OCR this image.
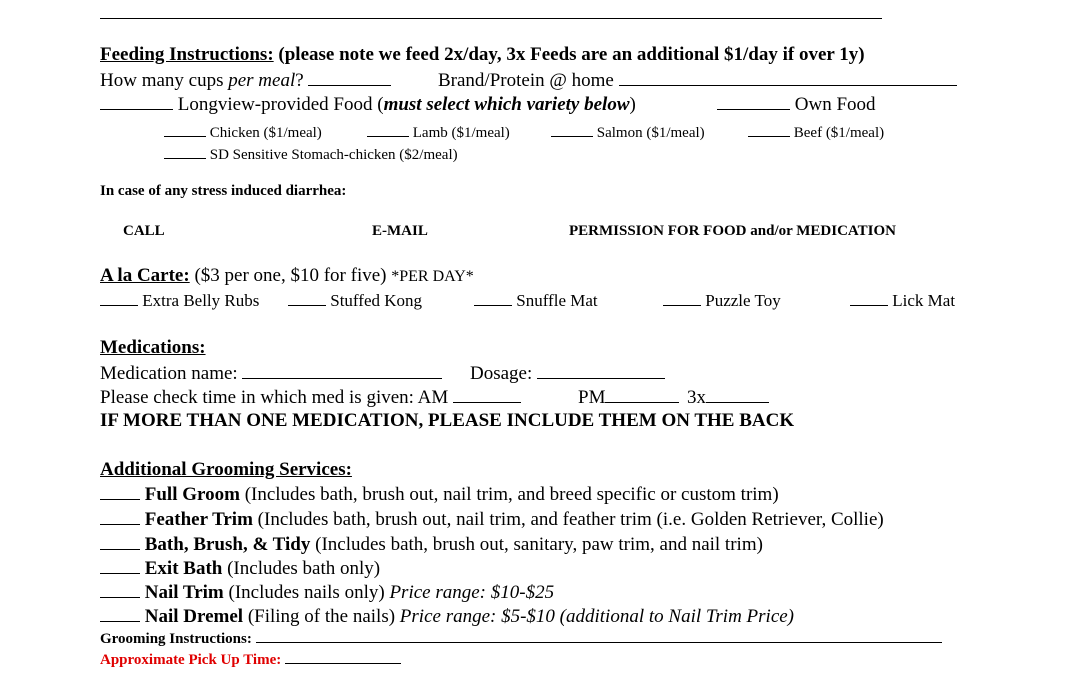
Feeding Instructions: (please note we feed 2x/day, 3x Feeds are an additional $1/day if over 1y)
How many cups per meal?	Brand/Protein @ home
Longview-provided Food (must select which variety below)	Own Food
Chicken ($1/meal)	Lamb ($1/meal)	Salmon ($1/meal)	Beef ($1/meal)
SD Sensitive Stomach-chicken ($2/meal)
In case of any stress induced diarrhea:
CALL	E-MAIL	PERMISSION FOR FOOD and/or MEDICATION
A la Carte: ($3 per one, $10 for five) *PER DAY*
Extra Belly Rubs	Stuffed Kong	Snuffle Mat	Puzzle Toy	Lick Mat
Medications:
Medication name:	Dosage:
Please check time in which med is given: AM	PM	3x
IF MORE THAN ONE MEDICATION, PLEASE INCLUDE THEM ON THE BACK
Additional Grooming Services:
Full Groom (Includes bath, brush out, nail trim, and breed specific or custom trim)
Feather Trim (Includes bath, brush out, nail trim, and feather trim (i.e. Golden Retriever, Collie)
Bath, Brush, & Tidy (Includes bath, brush out, sanitary, paw trim, and nail trim)
Exit Bath (Includes bath only)
Nail Trim (Includes nails only) Price range: $10-$25
Nail Dremel (Filing of the nails) Price range: $5-$10 (additional to Nail Trim Price)
Grooming Instructions:
Approximate Pick Up Time:
